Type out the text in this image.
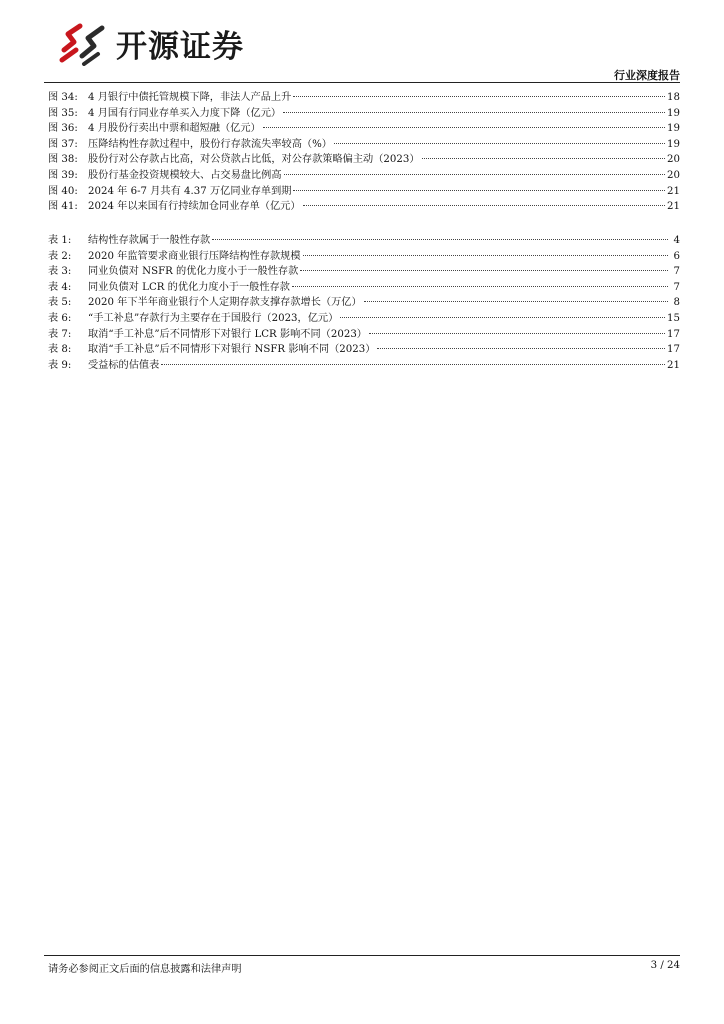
开源证券
行业深度报告
图 34: 4 月银行中债托管规模下降，非法人产品上升	18
图 35: 4 月国有行同业存单买入力度下降（亿元）	19
图 36: 4 月股份行卖出中票和超短融（亿元）	19
图 37: 压降结构性存款过程中，股份行存款流失率较高（%）	19
图 38: 股份行对公存款占比高，对公贷款占比低，对公存款策略偏主动（2023）	20
图 39: 股份行基金投资规模较大、占交易盘比例高	20
图 40: 2024 年 6-7 月共有 4.37 万亿同业存单到期	21
图 41: 2024 年以来国有行持续加仓同业存单（亿元）	21
表 1:	结构性存款属于一般性存款	4
表 2:	2020 年监管要求商业银行压降结构性存款规模	6
表 3:	同业负债对 NSFR 的优化力度小于一般性存款	7
表 4:	同业负债对 LCR 的优化力度小于一般性存款	7
表 5:	2020 年下半年商业银行个人定期存款支撑存款增长（万亿）	8
表 6:	“手工补息”存款行为主要存在于国股行（2023，亿元）	15
表 7:	取消“手工补息”后不同情形下对银行 LCR 影响不同（2023）	17
表 8:	取消“手工补息”后不同情形下对银行 NSFR 影响不同（2023）	17
表 9:	受益标的估值表	21
请务必参阅正文后面的信息披露和法律声明	3 / 24
